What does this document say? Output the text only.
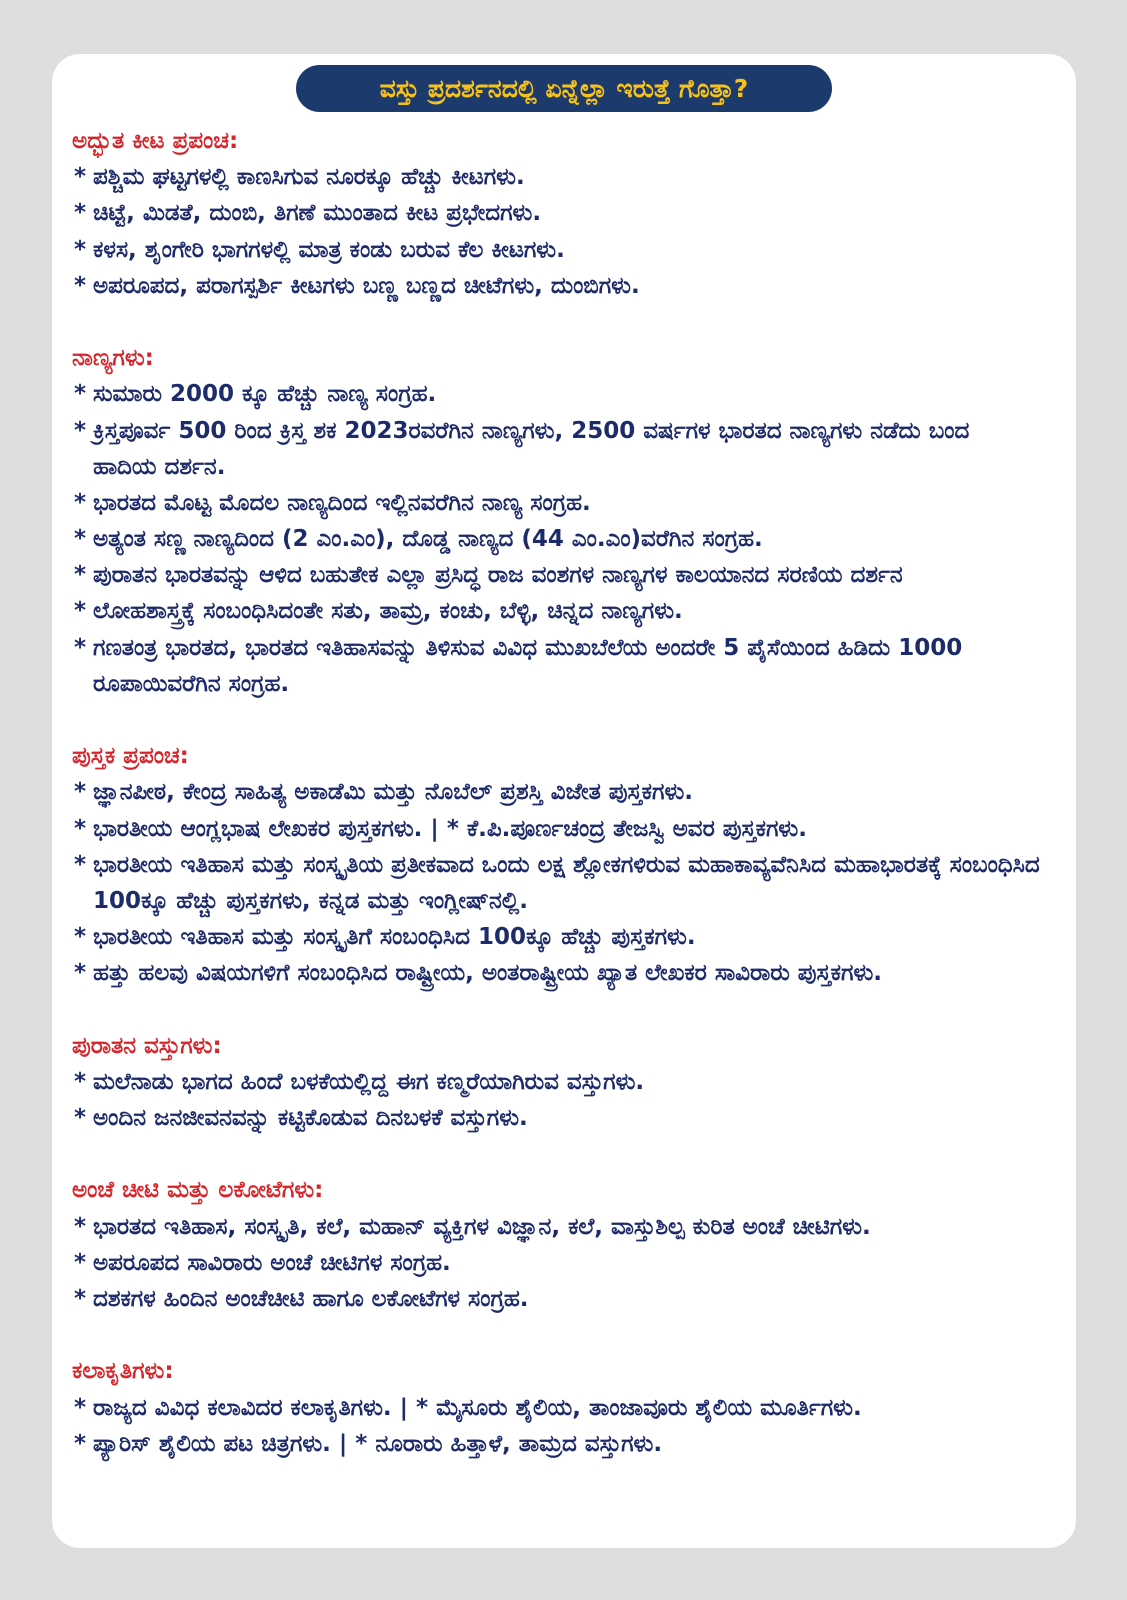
ವಸ್ತು ಪ್ರದರ್ಶನದಲ್ಲಿ ಏನ್ನೆಲ್ಲಾ ಇರುತ್ತೆ ಗೊತ್ತಾ?
ಅದ್ಭುತ ಕೀಟ ಪ್ರಪಂಚ:
* ಪಶ್ಚಿಮ ಘಟ್ಟಗಳಲ್ಲಿ ಕಾಣಸಿಗುವ ನೂರಕ್ಕೂ ಹೆಚ್ಚು ಕೀಟಗಳು.
* ಚಿಟ್ಟೆ, ಮಿಡತೆ, ದುಂಬಿ, ತಿಗಣೆ ಮುಂತಾದ ಕೀಟ ಪ್ರಭೇದಗಳು.
* ಕಳಸ, ಶೃಂಗೇರಿ ಭಾಗಗಳಲ್ಲಿ ಮಾತ್ರ ಕಂಡು ಬರುವ ಕೆಲ ಕೀಟಗಳು.
* ಅಪರೂಪದ, ಪರಾಗಸ್ಪರ್ಶಿ ಕೀಟಗಳು ಬಣ್ಣ ಬಣ್ಣದ ಚೀಟೆಗಳು, ದುಂಬಿಗಳು.
ನಾಣ್ಯಗಳು:
* ಸುಮಾರು 2000 ಕ್ಕೂ ಹೆಚ್ಚು ನಾಣ್ಯ ಸಂಗ್ರಹ.
* ಕ್ರಿಸ್ತಪೂರ್ವ 500 ರಿಂದ ಕ್ರಿಸ್ತ ಶಕ 2023ರವರೆಗಿನ ನಾಣ್ಯಗಳು, 2500 ವರ್ಷಗಳ ಭಾರತದ ನಾಣ್ಯಗಳು ನಡೆದು ಬಂದ ಹಾದಿಯ ದರ್ಶನ.
* ಭಾರತದ ಮೊಟ್ಟ ಮೊದಲ ನಾಣ್ಯದಿಂದ ಇಲ್ಲಿನವರೆಗಿನ ನಾಣ್ಯ ಸಂಗ್ರಹ.
* ಅತ್ಯಂತ ಸಣ್ಣ ನಾಣ್ಯದಿಂದ (2 ಎಂ.ಎಂ), ದೊಡ್ಡ ನಾಣ್ಯದ (44 ಎಂ.ಎಂ)ವರೆಗಿನ ಸಂಗ್ರಹ.
* ಪುರಾತನ ಭಾರತವನ್ನು ಆಳಿದ ಬಹುತೇಕ ಎಲ್ಲಾ ಪ್ರಸಿದ್ಧ ರಾಜ ವಂಶಗಳ ನಾಣ್ಯಗಳ ಕಾಲಯಾನದ ಸರಣಿಯ ದರ್ಶನ
* ಲೋಹಶಾಸ್ತ್ರಕ್ಕೆ ಸಂಬಂಧಿಸಿದಂತೇ ಸತು, ತಾಮ್ರ, ಕಂಚು, ಬೆಳ್ಳಿ, ಚಿನ್ನದ ನಾಣ್ಯಗಳು.
* ಗಣತಂತ್ರ ಭಾರತದ, ಭಾರತದ ಇತಿಹಾಸವನ್ನು ತಿಳಿಸುವ ವಿವಿಧ ಮುಖಬೆಲೆಯ ಅಂದರೇ 5 ಪೈಸೆಯಿಂದ ಹಿಡಿದು 1000 ರೂಪಾಯಿವರೆಗಿನ ಸಂಗ್ರಹ.
ಪುಸ್ತಕ ಪ್ರಪಂಚ:
* ಜ್ಞಾನಪೀಠ, ಕೇಂದ್ರ ಸಾಹಿತ್ಯ ಅಕಾಡೆಮಿ ಮತ್ತು ನೊಬೆಲ್ ಪ್ರಶಸ್ತಿ ವಿಜೇತ ಪುಸ್ತಕಗಳು.
* ಭಾರತೀಯ ಆಂಗ್ಲಭಾಷ ಲೇಖಕರ ಪುಸ್ತಕಗಳು. | * ಕೆ.ಪಿ.ಪೂರ್ಣಚಂದ್ರ ತೇಜಸ್ವಿ ಅವರ ಪುಸ್ತಕಗಳು.
* ಭಾರತೀಯ ಇತಿಹಾಸ ಮತ್ತು ಸಂಸ್ಕೃತಿಯ ಪ್ರತೀಕವಾದ ಒಂದು ಲಕ್ಷ ಶ್ಲೋಕಗಳಿರುವ ಮಹಾಕಾವ್ಯವೆನಿಸಿದ ಮಹಾಭಾರತಕ್ಕೆ ಸಂಬಂಧಿಸಿದ 100ಕ್ಕೂ ಹೆಚ್ಚು ಪುಸ್ತಕಗಳು, ಕನ್ನಡ ಮತ್ತು ಇಂಗ್ಲೀಷ್‌ನಲ್ಲಿ.
* ಭಾರತೀಯ ಇತಿಹಾಸ ಮತ್ತು ಸಂಸ್ಕೃತಿಗೆ ಸಂಬಂಧಿಸಿದ 100ಕ್ಕೂ ಹೆಚ್ಚು ಪುಸ್ತಕಗಳು.
* ಹತ್ತು ಹಲವು ವಿಷಯಗಳಿಗೆ ಸಂಬಂಧಿಸಿದ ರಾಷ್ಟ್ರೀಯ, ಅಂತರಾಷ್ಟ್ರೀಯ ಖ್ಯಾತ ಲೇಖಕರ ಸಾವಿರಾರು ಪುಸ್ತಕಗಳು.
ಪುರಾತನ ವಸ್ತುಗಳು:
* ಮಲೆನಾಡು ಭಾಗದ ಹಿಂದೆ ಬಳಕೆಯಲ್ಲಿದ್ದ ಈಗ ಕಣ್ಮರೆಯಾಗಿರುವ ವಸ್ತುಗಳು.
* ಅಂದಿನ ಜನಜೀವನವನ್ನು ಕಟ್ಟಿಕೊಡುವ ದಿನಬಳಕೆ ವಸ್ತುಗಳು.
ಅಂಚೆ ಚೀಟಿ ಮತ್ತು ಲಕೋಟೆಗಳು:
* ಭಾರತದ ಇತಿಹಾಸ, ಸಂಸ್ಕೃತಿ, ಕಲೆ, ಮಹಾನ್ ವ್ಯಕ್ತಿಗಳ ವಿಜ್ಞಾನ, ಕಲೆ, ವಾಸ್ತುಶಿಲ್ಪ ಕುರಿತ ಅಂಚೆ ಚೀಟಿಗಳು.
* ಅಪರೂಪದ ಸಾವಿರಾರು ಅಂಚೆ ಚೀಟಿಗಳ ಸಂಗ್ರಹ.
* ದಶಕಗಳ ಹಿಂದಿನ ಅಂಚೆಚೀಟಿ ಹಾಗೂ ಲಕೋಟೆಗಳ ಸಂಗ್ರಹ.
ಕಲಾಕೃತಿಗಳು:
* ರಾಜ್ಯದ ವಿವಿಧ ಕಲಾವಿದರ ಕಲಾಕೃತಿಗಳು. | * ಮೈಸೂರು ಶೈಲಿಯ, ತಾಂಜಾವೂರು ಶೈಲಿಯ ಮೂರ್ತಿಗಳು.
* ಪ್ಯಾರಿಸ್ ಶೈಲಿಯ ಪಟ ಚಿತ್ರಗಳು. | * ನೂರಾರು ಹಿತ್ತಾಳೆ, ತಾಮ್ರದ ವಸ್ತುಗಳು.
